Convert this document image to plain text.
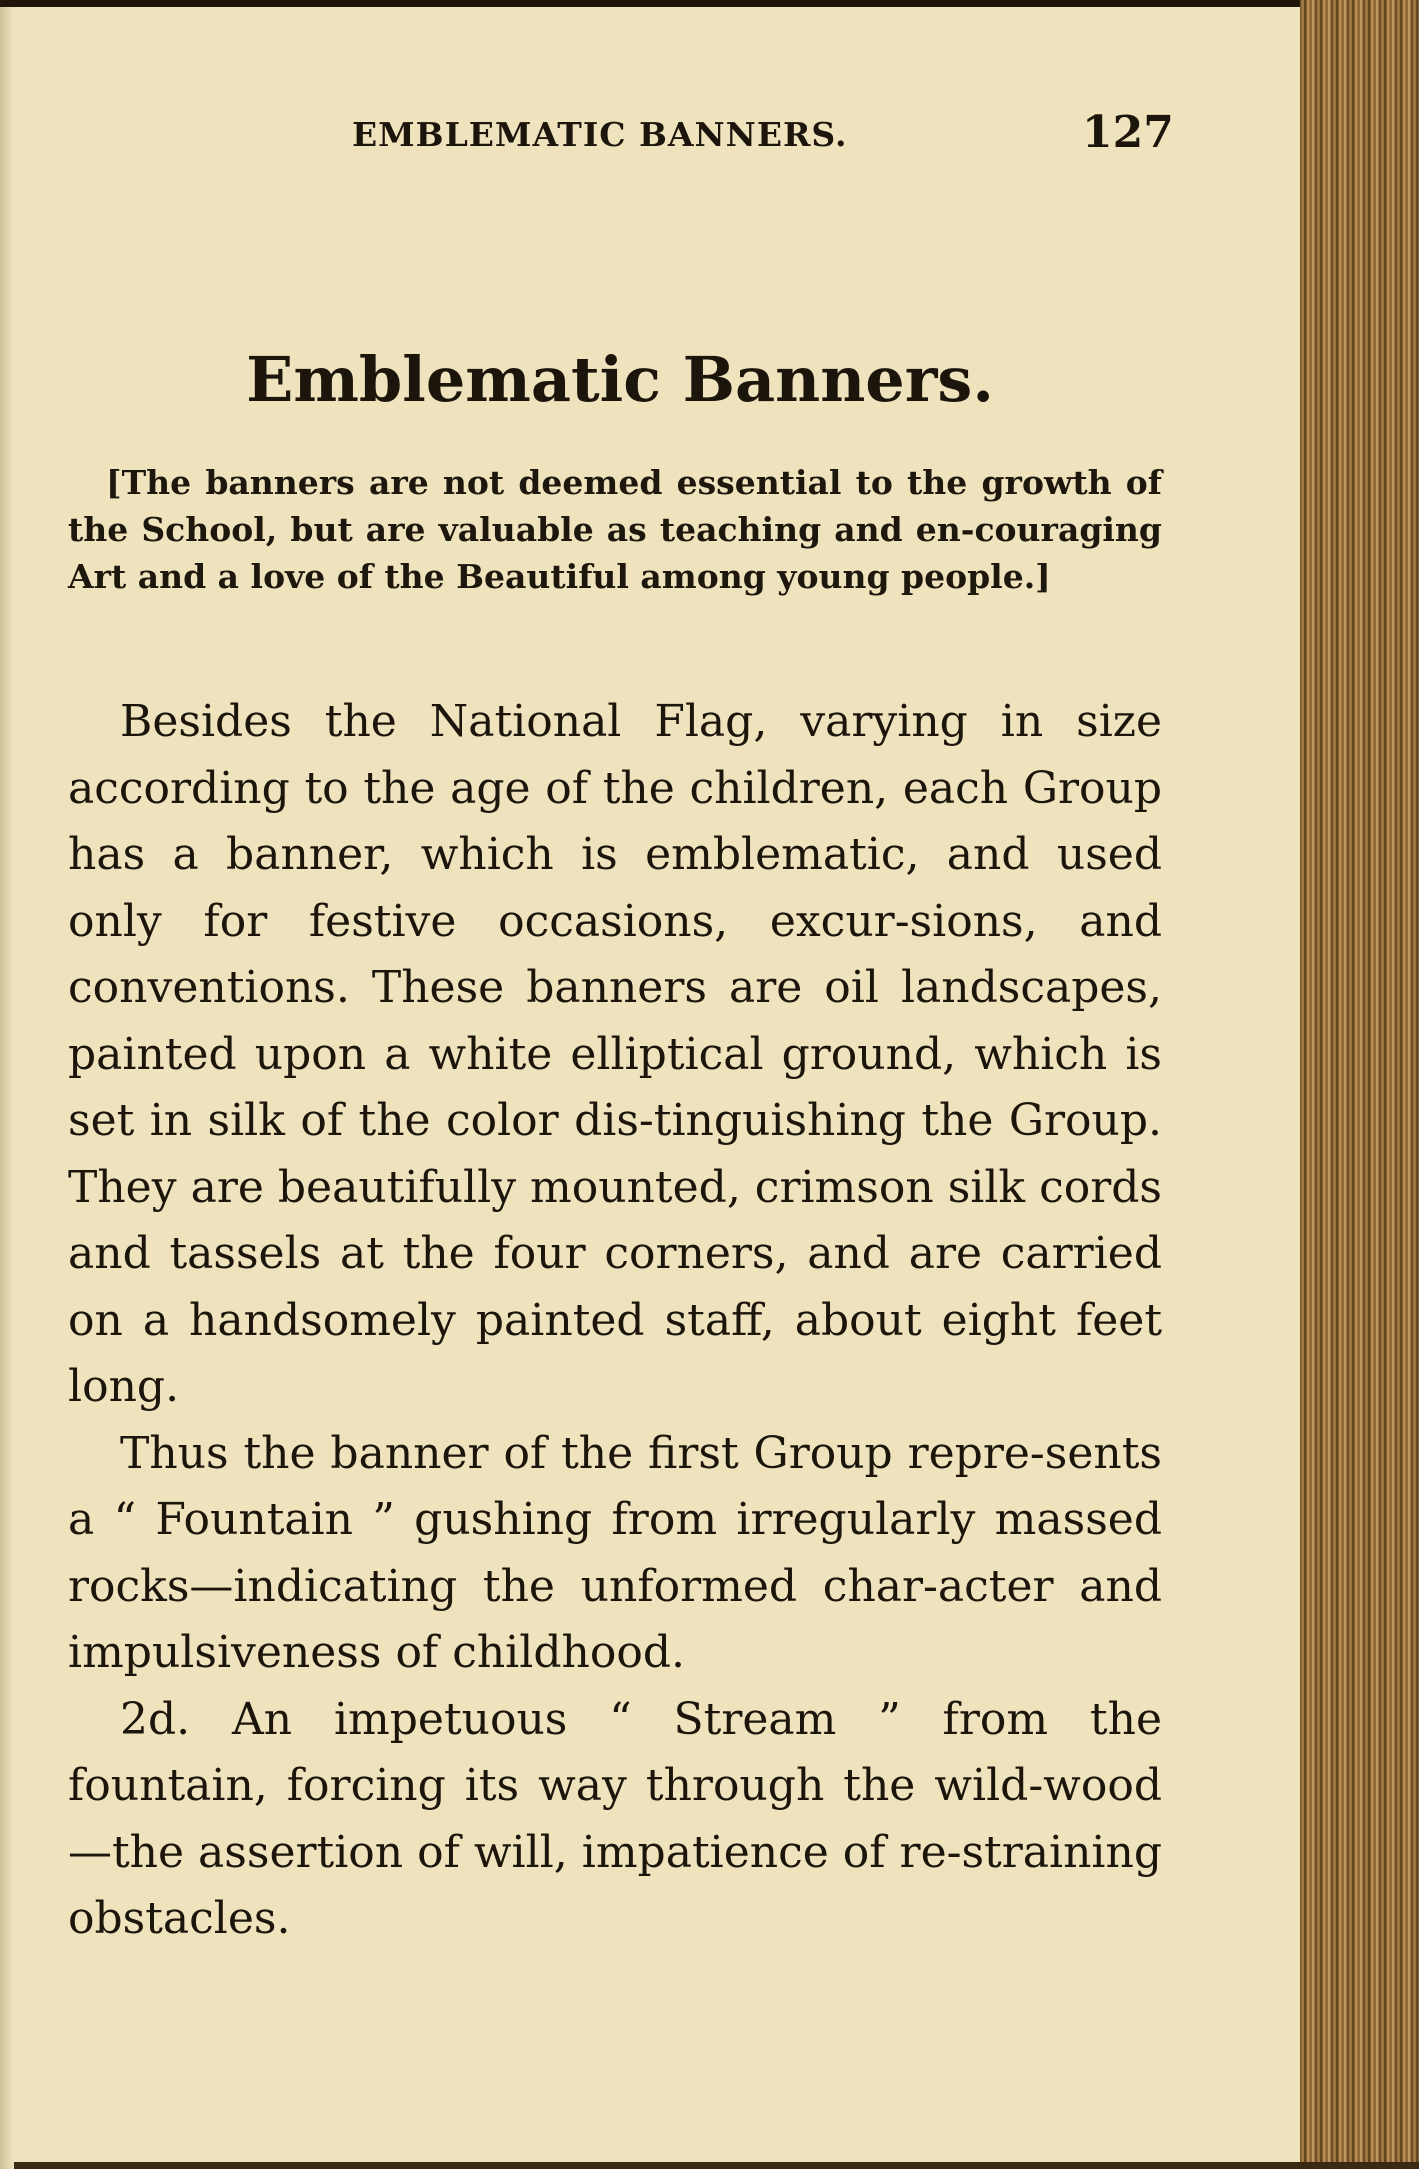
EMBLEMATIC BANNERS.	127
Emblematic Banners.

[The banners are not deemed essential to the growth of the School, but are valuable as teaching and en-couraging Art and a love of the Beautiful among young people.]

Besides the National Flag, varying in size according to the age of the children, each Group has a banner, which is emblematic, and used only for festive occasions, excur-sions, and conventions. These banners are oil landscapes, painted upon a white elliptical ground, which is set in silk of the color dis-tinguishing the Group. They are beautifully mounted, crimson silk cords and tassels at the four corners, and are carried on a handsomely painted staff, about eight feet long.

Thus the banner of the first Group repre-sents a “ Fountain ” gushing from irregularly massed rocks—indicating the unformed char-acter and impulsiveness of childhood.

2d. An impetuous “ Stream ” from the fountain, forcing its way through the wild-wood—the assertion of will, impatience of re-straining obstacles.
